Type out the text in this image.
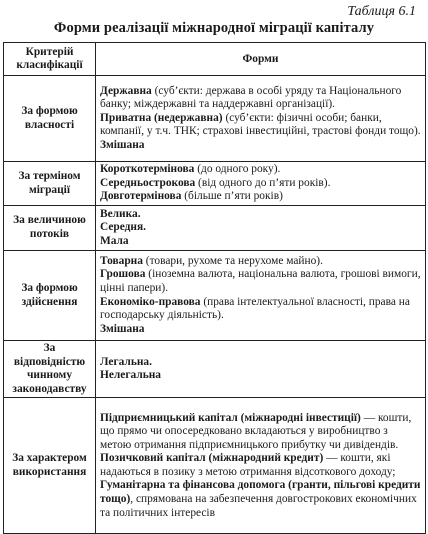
Таблиця 6.1
Форми реалізації міжнародної міграції капіталу
Критерій класифікації	Форми
За формою власності	Державна (суб’єкти: держава в особі уряду та Національного банку; міждержавні та наддержавні організації).
Приватна (недержавна) (суб’єкти: фізичні особи; банки, компанії, у т.ч. ТНК; страхові інвестиційні, трастові фонди тощо).
Змішана

За терміном міграції	Короткотермінова (до одного року).
Середньострокова (від одного до п’яти років).
Довготермінова (більше п’яти років)

За величиною потоків	Велика.
Середня.
Мала

За формою здійснення	Товарна (товари, рухоме та нерухоме майно).
Грошова (іноземна валюта, національна валюта, грошові вимоги, цінні папери).
Економіко-правова (права інтелектуальної власності, права на господарську діяльність).
Змішана

За відповідністю чинному законодавству	Легальна.
Нелегальна

За характером використання	Підприємницький капітал (міжнародні інвестиції) — кошти, що прямо чи опосередковано вкладаються у виробництво з метою отримання підприємницького прибутку чи дивідендів.
Позичковий капітал (міжнародний кредит) — кошти, які надаються в позику з метою отримання відсоткового доходу;
Гуманітарна та фінансова допомога (гранти, пільгові кредити тощо), спрямована на забезпечення довгострокових економічних та політичних інтересів
